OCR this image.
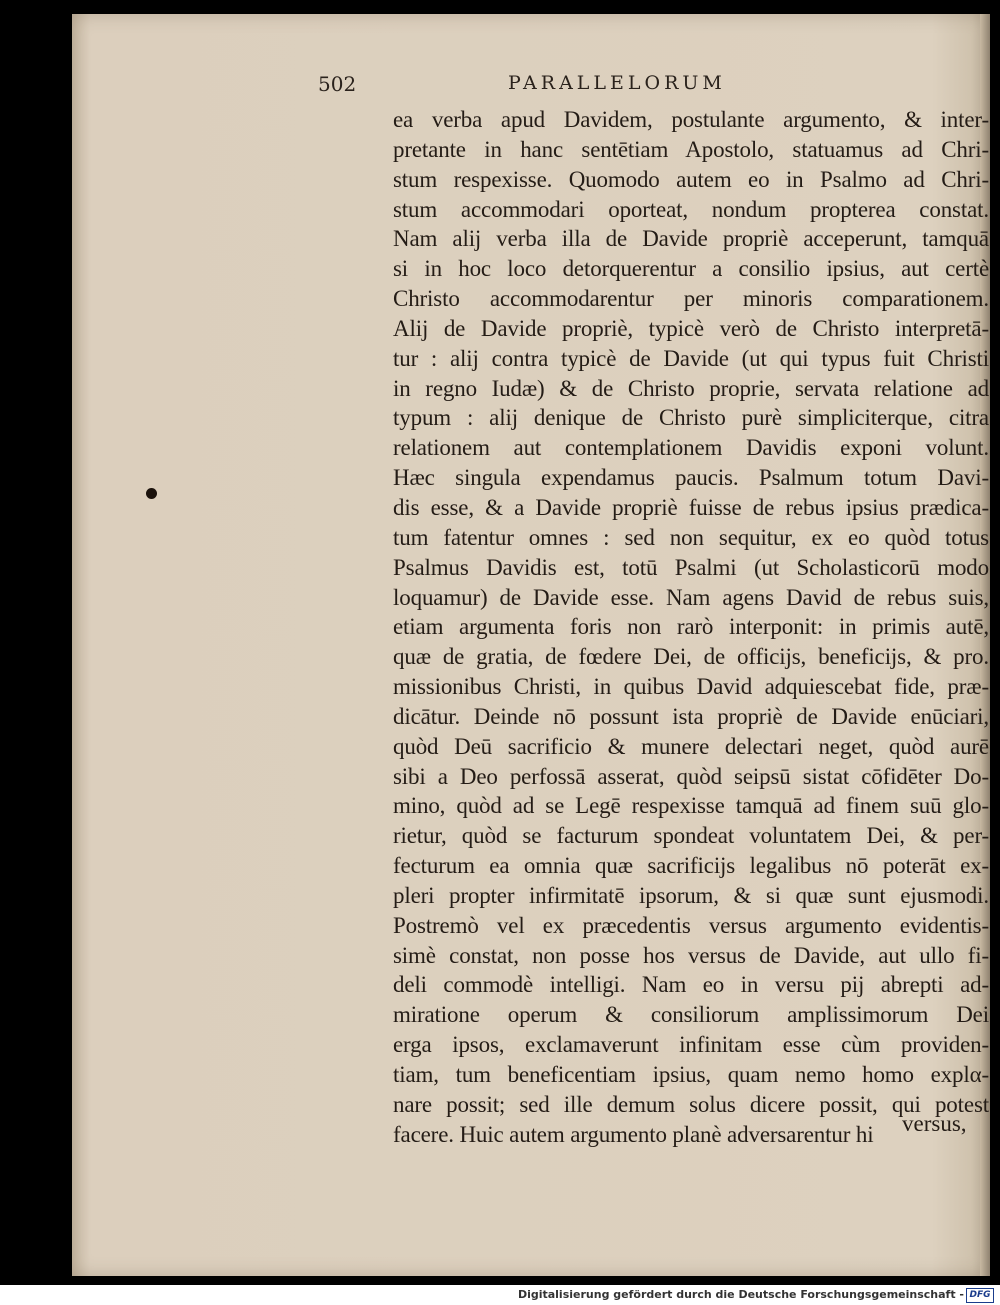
502	PARALLELORUM
ea verba apud Davidem, postulante argumento, & inter-
pretante in hanc sentētiam Apostolo, statuamus ad Chri-
stum respexisse. Quomodo autem eo in Psalmo ad Chri-
stum accommodari oporteat, nondum propterea constat.
Nam alij verba illa de Davide propriè acceperunt, tamquā
si in hoc loco detorquerentur a consilio ipsius, aut certè
Christo accommodarentur per minoris comparationem.
Alij de Davide propriè, typicè verò de Christo interpretā-
tur : alij contra typicè de Davide (ut qui typus fuit Christi
in regno Iudæ) & de Christo proprie, servata relatione ad
typum : alij denique de Christo purè simpliciterque, citra
relationem aut contemplationem Davidis exponi volunt.
Hæc singula expendamus paucis. Psalmum totum Davi-
dis esse, & a Davide propriè fuisse de rebus ipsius prædica-
tum fatentur omnes : sed non sequitur, ex eo quòd totus
Psalmus Davidis est, totū Psalmi (ut Scholasticorū modo
loquamur) de Davide esse. Nam agens David de rebus suis,
etiam argumenta foris non rarò interponit: in primis autē,
quæ de gratia, de fœdere Dei, de officijs, beneficijs, & pro.
missionibus Christi, in quibus David adquiescebat fide, præ-
dicātur. Deinde nō possunt ista propriè de Davide enūciari,
quòd Deū sacrificio & munere delectari neget, quòd aurē
sibi a Deo perfossā asserat, quòd seipsū sistat cōfidēter Do-
mino, quòd ad se Legē respexisse tamquā ad finem suū glo-
rietur, quòd se facturum spondeat voluntatem Dei, & per-
fecturum ea omnia quæ sacrificijs legalibus nō poterāt ex-
pleri propter infirmitatē ipsorum, & si quæ sunt ejusmodi.
Postremò vel ex præcedentis versus argumento evidentis-
simè constat, non posse hos versus de Davide, aut ullo fi-
deli commodè intelligi. Nam eo in versu pij abrepti ad-
miratione operum & consiliorum amplissimorum Dei
erga ipsos, exclamaverunt infinitam esse cùm providen-
tiam, tum beneficentiam ipsius, quam nemo homo explα-
nare possit; sed ille demum solus dicere possit, qui potest
facere. Huic autem argumento planè adversarentur hi	versus,
Digitalisierung gefördert durch die Deutsche Forschungsgemeinschaft - DFG
